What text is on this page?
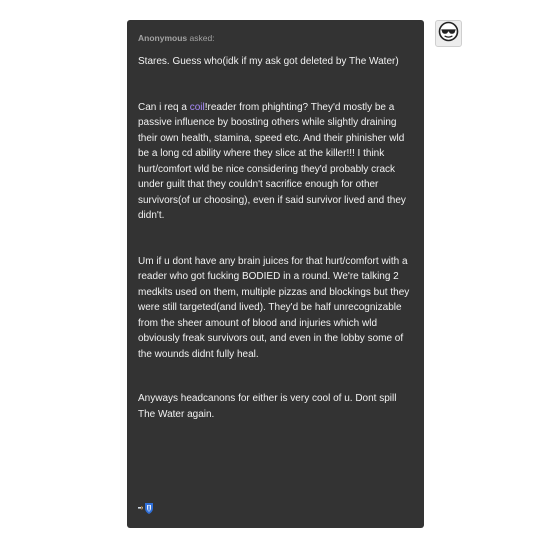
Anonymous asked:

Stares. Guess who(idk if my ask got deleted by The Water)

Can i req a coil!reader from phighting? They'd mostly be a passive influence by boosting others while slightly draining their own health, stamina, speed etc. And their phinisher wld be a long cd ability where they slice at the killer!!! I think hurt/comfort wld be nice considering they'd probably crack under guilt that they couldn't sacrifice enough for other survivors(of ur choosing), even if said survivor lived and they didn't.

Um if u dont have any brain juices for that hurt/comfort with a reader who got fucking BODIED in a round. We're talking 2 medkits used on them, multiple pizzas and blockings but they were still targeted(and lived). They'd be half unrecognizable from the sheer amount of blood and injuries which wld obviously freak survivors out, and even in the lobby some of the wounds didnt fully heal.

Anyways headcanons for either is very cool of u. Dont spill The Water again.
